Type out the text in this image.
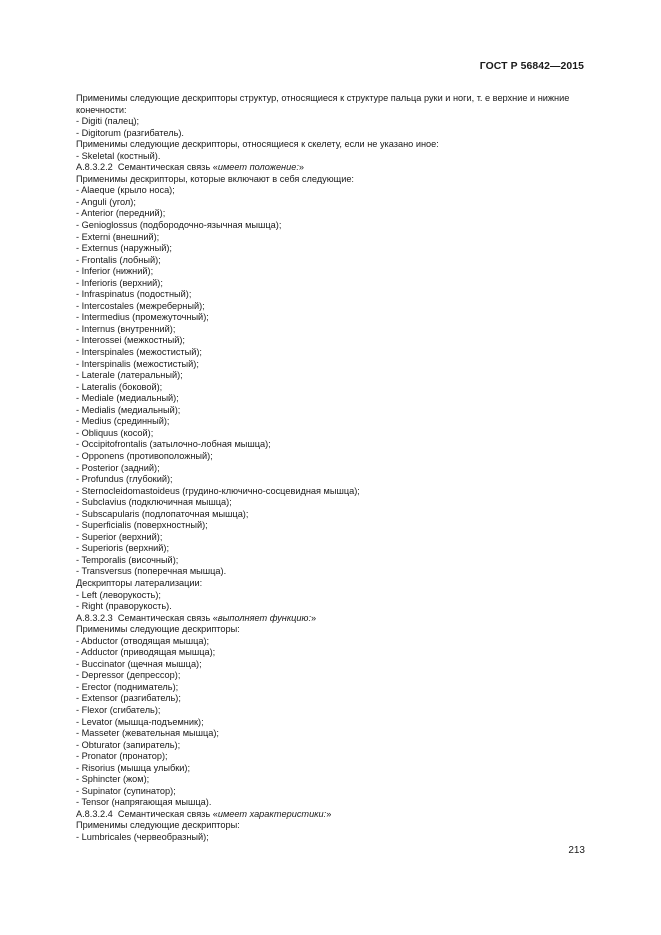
ГОСТ Р 56842—2015

Применимы следующие дескрипторы структур, относящиеся к структуре пальца руки и ноги, т. е верхние и нижние конечности:

- Digiti (палец);

- Digitorum (разгибатель).

Применимы следующие дескрипторы, относящиеся к скелету, если не указано иное:

- Skeletal (костный).

A.8.3.2.2 Семантическая связь «имеет положение:»

Применимы дескрипторы, которые включают в себя следующие:

- Alaeque (крыло носа);

- Anguli (угол);

- Anterior (передний);

- Genioglossus (подбородочно-язычная мышца);

- Externi (внешний);

- Externus (наружный);

- Frontalis (лобный);

- Inferior (нижний);

- Inferioris (верхний);

- Infraspinatus (подостный);

- Intercostales (межреберный);

- Intermedius (промежуточный);

- Internus (внутренний);

- Interossei (межкостный);

- Interspinales (межостистый);

- Interspinalis (межостистый);

- Laterale (латеральный);

- Lateralis (боковой);

- Mediale (медиальный);

- Medialis (медиальный);

- Medius (срединный);

- Obliquus (косой);

- Occipitofrontalis (затылочно-лобная мышца);

- Opponens (противоположный);

- Posterior (задний);

- Profundus (глубокий);

- Sternocleidomastoideus (грудино-ключично-сосцевидная мышца);

- Subclavius (подключичная мышца);

- Subscapularis (подлопаточная мышца);

- Superficialis (поверхностный);

- Superior (верхний);

- Superioris (верхний);

- Temporalis (височный);

- Transversus (поперечная мышца).

Дескрипторы латерализации:

- Left (леворукость);

- Right (праворукость).

A.8.3.2.3 Семантическая связь «выполняет функцию:»

Применимы следующие дескрипторы:

- Abductor (отводящая мышца);

- Adductor (приводящая мышца);

- Buccinator (щечная мышца);

- Depressor (депрессор);

- Erector (подниматель);

- Extensor (разгибатель);

- Flexor (сгибатель);

- Levator (мышца-подъемник);

- Masseter (жевательная мышца);

- Obturator (запиратель);

- Pronator (пронатор);

- Risorius (мышца улыбки);

- Sphincter (жом);

- Supinator (супинатор);

- Tensor (напрягающая мышца).

A.8.3.2.4 Семантическая связь «имеет характеристики:»

Применимы следующие дескрипторы:

- Lumbricales (червеобразный);

213
